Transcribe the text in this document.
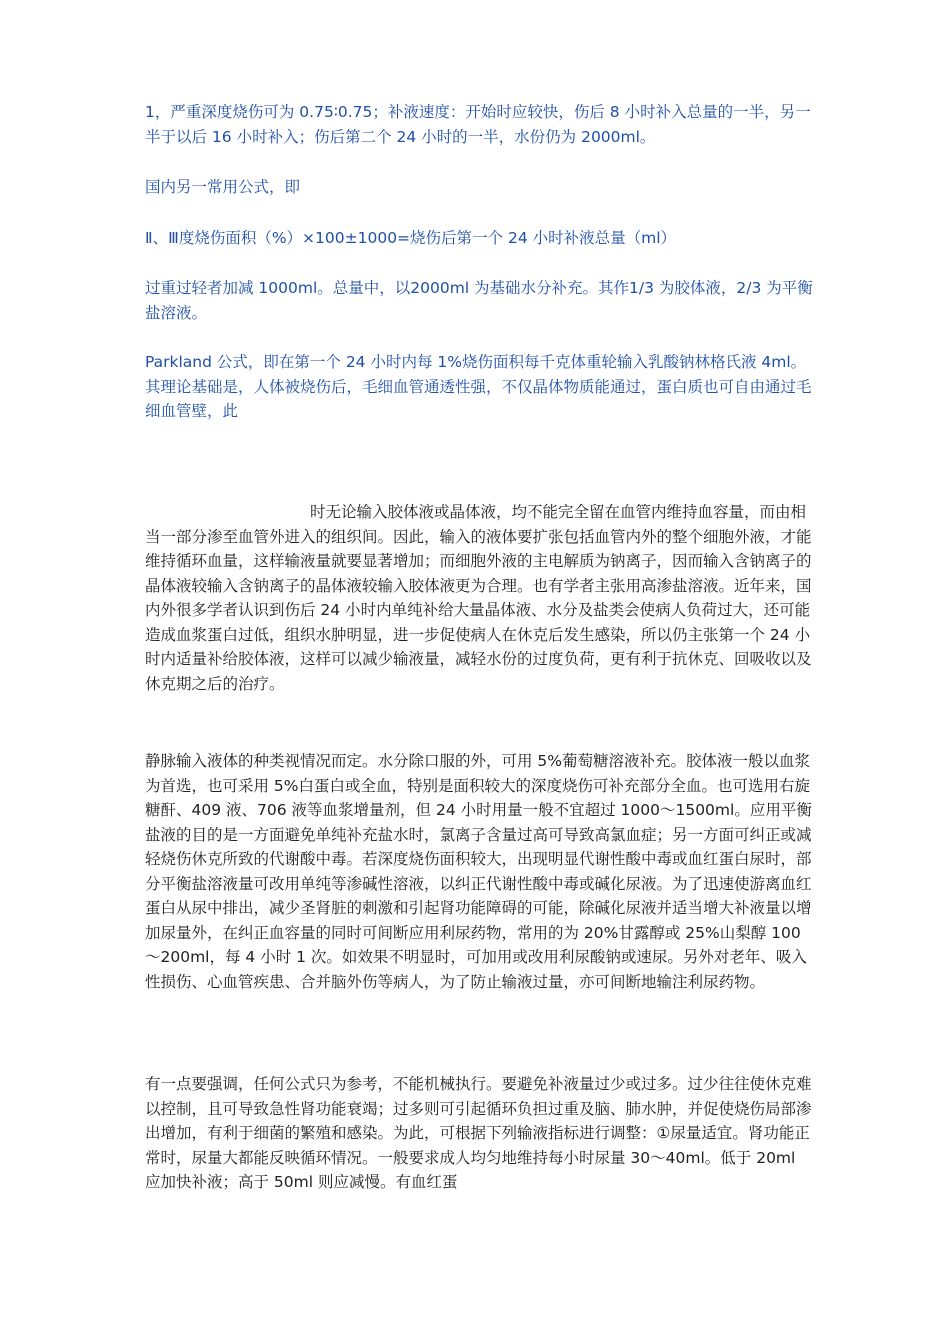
1，严重深度烧伤可为 0.75∶0.75；补液速度：开始时应较快，伤后 8 小时补入总量的一半，另一半于以后 16 小时补入；伤后第二个 24 小时的一半，水份仍为 2000ml。

国内另一常用公式，即

Ⅱ、Ⅲ度烧伤面积（%）×100±1000=烧伤后第一个 24 小时补液总量（ml）

过重过轻者加减 1000ml。总量中，以2000ml 为基础水分补充。其作1/3 为胶体液，2/3 为平衡盐溶液。

Parkland 公式，即在第一个 24 小时内每 1%烧伤面积每千克体重轮输入乳酸钠林格氏液 4ml。其理论基础是，人体被烧伤后，毛细血管通透性强，不仅晶体物质能通过，蛋白质也可自由通过毛细血管壁，此

时无论输入胶体液或晶体液，均不能完全留在血管内维持血容量，而由相当一部分渗至血管外进入的组织间。因此，输入的液体要扩张包括血管内外的整个细胞外液，才能维持循环血量，这样输液量就要显著增加；而细胞外液的主电解质为钠离子，因而输入含钠离子的晶体液较输入含钠离子的晶体液较输入胶体液更为合理。也有学者主张用高渗盐溶液。近年来，国内外很多学者认识到伤后 24 小时内单纯补给大量晶体液、水分及盐类会使病人负荷过大，还可能造成血浆蛋白过低，组织水肿明显，进一步促使病人在休克后发生感染，所以仍主张第一个 24 小时内适量补给胶体液，这样可以减少输液量，减轻水份的过度负荷，更有利于抗休克、回吸收以及休克期之后的治疗。

静脉输入液体的种类视情况而定。水分除口服的外，可用 5%葡萄糖溶液补充。胶体液一般以血浆为首选，也可采用 5%白蛋白或全血，特别是面积较大的深度烧伤可补充部分全血。也可选用右旋糖酐、409 液、706 液等血浆增量剂，但 24 小时用量一般不宜超过 1000～1500ml。应用平衡盐液的目的是一方面避免单纯补充盐水时，氯离子含量过高可导致高氯血症；另一方面可纠正或减轻烧伤休克所致的代谢酸中毒。若深度烧伤面积较大，出现明显代谢性酸中毒或血红蛋白尿时，部分平衡盐溶液量可改用单纯等渗碱性溶液，以纠正代谢性酸中毒或碱化尿液。为了迅速使游离血红蛋白从尿中排出，减少圣肾脏的刺激和引起肾功能障碍的可能，除碱化尿液并适当增大补液量以增加尿量外，在纠正血容量的同时可间断应用利尿药物，常用的为 20%甘露醇或 25%山梨醇 100～200ml，每 4 小时 1 次。如效果不明显时，可加用或改用利尿酸钠或速尿。另外对老年、吸入性损伤、心血管疾患、合并脑外伤等病人，为了防止输液过量，亦可间断地输注利尿药物。

有一点要强调，任何公式只为参考，不能机械执行。要避免补液量过少或过多。过少往往使休克难以控制，且可导致急性肾功能衰竭；过多则可引起循环负担过重及脑、肺水肿，并促使烧伤局部渗出增加，有利于细菌的繁殖和感染。为此，可根据下列输液指标进行调整：①尿量适宜。肾功能正常时，尿量大都能反映循环情况。一般要求成人均匀地维持每小时尿量 30～40ml。低于 20ml 应加快补液；高于 50ml 则应减慢。有血红蛋
